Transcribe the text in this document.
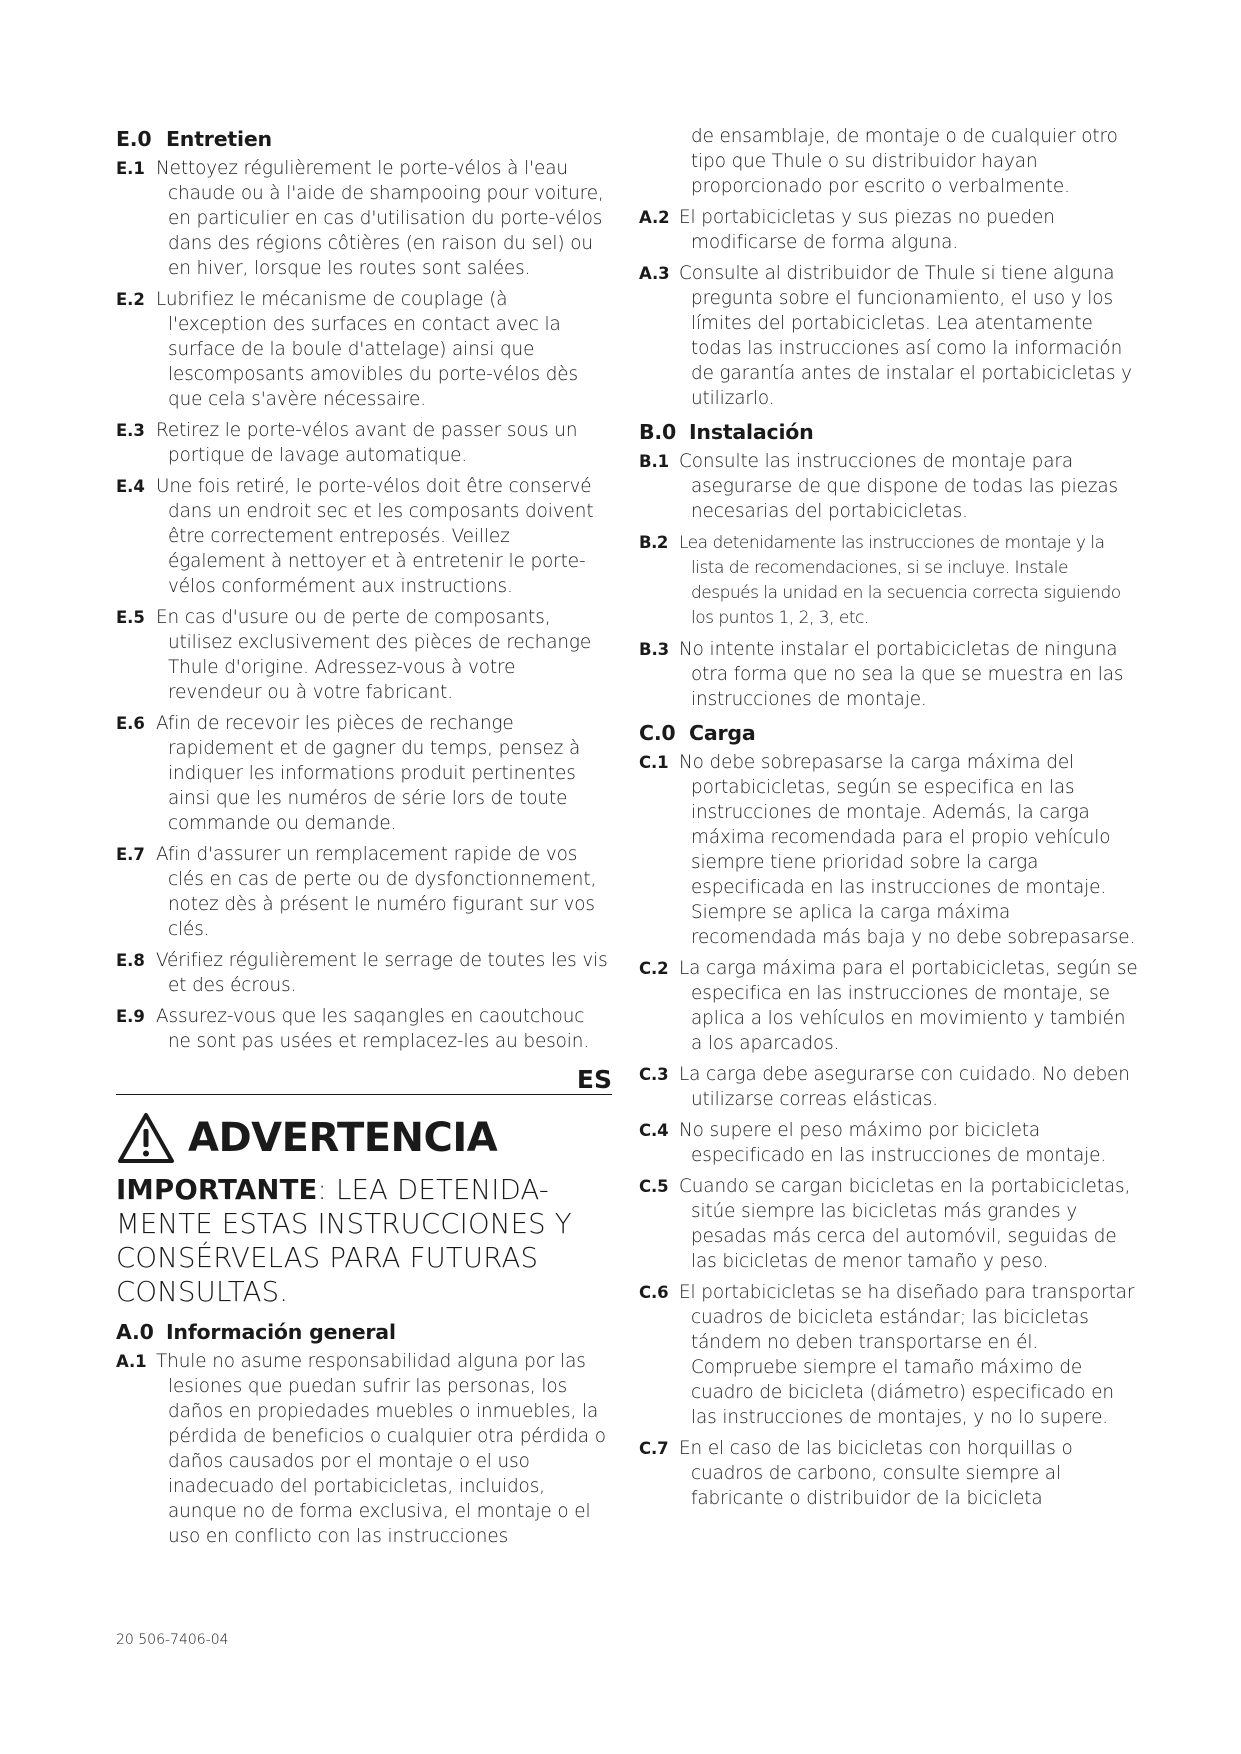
E.0 Entretien
E.1 Nettoyez régulièrement le porte-vélos à l'eau chaude ou à l'aide de shampooing pour voiture, en particulier en cas d'utilisation du porte-vélos dans des régions côtières (en raison du sel) ou en hiver, lorsque les routes sont salées.
E.2 Lubrifiez le mécanisme de couplage (à l'exception des surfaces en contact avec la surface de la boule d'attelage) ainsi que lescomposants amovibles du porte-vélos dès que cela s'avère nécessaire.
E.3 Retirez le porte-vélos avant de passer sous un portique de lavage automatique.
E.4 Une fois retiré, le porte-vélos doit être conservé dans un endroit sec et les composants doivent être correctement entreposés. Veillez également à nettoyer et à entretenir le porte-vélos conformément aux instructions.
E.5 En cas d'usure ou de perte de composants, utilisez exclusivement des pièces de rechange Thule d'origine. Adressez-vous à votre revendeur ou à votre fabricant.
E.6 Afin de recevoir les pièces de rechange rapidement et de gagner du temps, pensez à indiquer les informations produit pertinentes ainsi que les numéros de série lors de toute commande ou demande.
E.7 Afin d'assurer un remplacement rapide de vos clés en cas de perte ou de dysfonctionnement, notez dès à présent le numéro figurant sur vos clés.
E.8 Vérifiez régulièrement le serrage de toutes les vis et des écrous.
E.9 Assurez-vous que les saqangles en caoutchouc ne sont pas usées et remplacez-les au besoin.
ES
ADVERTENCIA
IMPORTANTE: LEA DETENIDA-MENTE ESTAS INSTRUCCIONES Y CONSÉRVELAS PARA FUTURAS CONSULTAS.
A.0 Información general
A.1 Thule no asume responsabilidad alguna por las lesiones que puedan sufrir las personas, los daños en propiedades muebles o inmuebles, la pérdida de beneficios o cualquier otra pérdida o daños causados por el montaje o el uso inadecuado del portabicicletas, incluidos, aunque no de forma exclusiva, el montaje o el uso en conflicto con las instrucciones
de ensamblaje, de montaje o de cualquier otro tipo que Thule o su distribuidor hayan proporcionado por escrito o verbalmente.
A.2 El portabicicletas y sus piezas no pueden modificarse de forma alguna.
A.3 Consulte al distribuidor de Thule si tiene alguna pregunta sobre el funcionamiento, el uso y los límites del portabicicletas. Lea atentamente todas las instrucciones así como la información de garantía antes de instalar el portabicicletas y utilizarlo.
B.0 Instalación
B.1 Consulte las instrucciones de montaje para asegurarse de que dispone de todas las piezas necesarias del portabicicletas.
B.2 Lea detenidamente las instrucciones de montaje y la lista de recomendaciones, si se incluye. Instale después la unidad en la secuencia correcta siguiendo los puntos 1, 2, 3, etc.
B.3 No intente instalar el portabicicletas de ninguna otra forma que no sea la que se muestra en las instrucciones de montaje.
C.0 Carga
C.1 No debe sobrepasarse la carga máxima del portabicicletas, según se especifica en las instrucciones de montaje. Además, la carga máxima recomendada para el propio vehículo siempre tiene prioridad sobre la carga especificada en las instrucciones de montaje. Siempre se aplica la carga máxima recomendada más baja y no debe sobrepasarse.
C.2 La carga máxima para el portabicicletas, según se especifica en las instrucciones de montaje, se aplica a los vehículos en movimiento y también a los aparcados.
C.3 La carga debe asegurarse con cuidado. No deben utilizarse correas elásticas.
C.4 No supere el peso máximo por bicicleta especificado en las instrucciones de montaje.
C.5 Cuando se cargan bicicletas en la portabicicletas, sitúe siempre las bicicletas más grandes y pesadas más cerca del automóvil, seguidas de las bicicletas de menor tamaño y peso.
C.6 El portabicicletas se ha diseñado para transportar cuadros de bicicleta estándar; las bicicletas tándem no deben transportarse en él. Compruebe siempre el tamaño máximo de cuadro de bicicleta (diámetro) especificado en las instrucciones de montajes, y no lo supere.
C.7 En el caso de las bicicletas con horquillas o cuadros de carbono, consulte siempre al fabricante o distribuidor de la bicicleta
20 506-7406-04
